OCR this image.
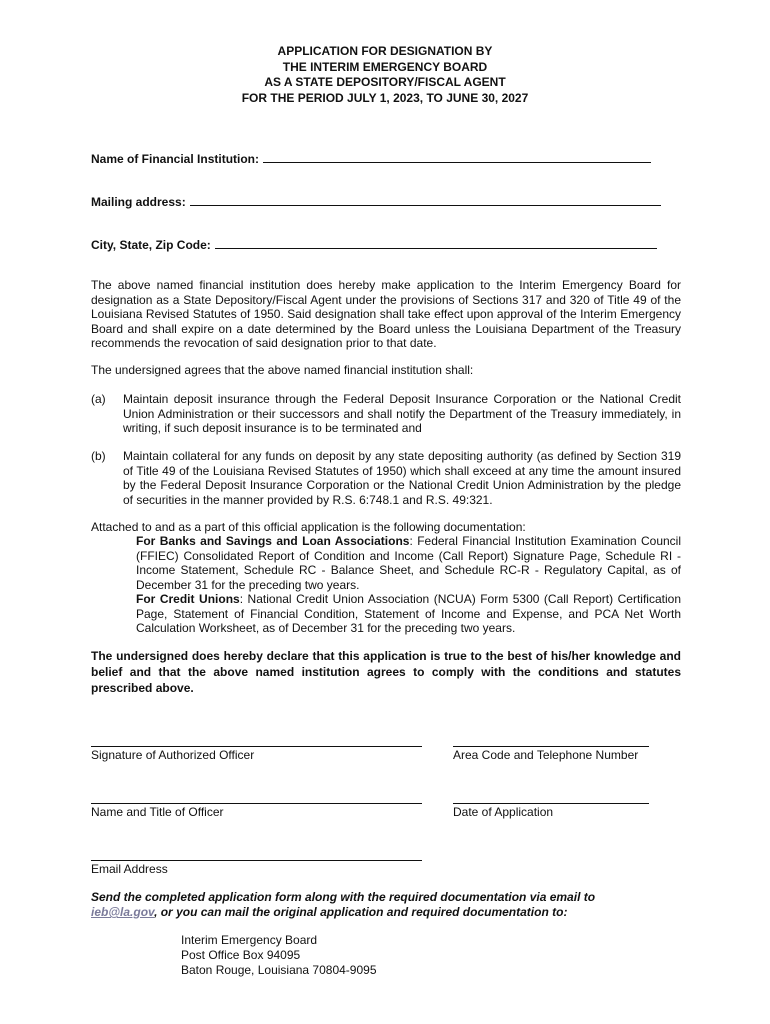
APPLICATION FOR DESIGNATION BY
THE INTERIM EMERGENCY BOARD
AS A STATE DEPOSITORY/FISCAL AGENT
FOR THE PERIOD JULY 1, 2023, TO JUNE 30, 2027
Name of Financial Institution:
Mailing address:
City, State, Zip Code:
The above named financial institution does hereby make application to the Interim Emergency Board for designation as a State Depository/Fiscal Agent under the provisions of Sections 317 and 320 of Title 49 of the Louisiana Revised Statutes of 1950. Said designation shall take effect upon approval of the Interim Emergency Board and shall expire on a date determined by the Board unless the Louisiana Department of the Treasury recommends the revocation of said designation prior to that date.
The undersigned agrees that the above named financial institution shall:
(a) Maintain deposit insurance through the Federal Deposit Insurance Corporation or the National Credit Union Administration or their successors and shall notify the Department of the Treasury immediately, in writing, if such deposit insurance is to be terminated and
(b) Maintain collateral for any funds on deposit by any state depositing authority (as defined by Section 319 of Title 49 of the Louisiana Revised Statutes of 1950) which shall exceed at any time the amount insured by the Federal Deposit Insurance Corporation or the National Credit Union Administration by the pledge of securities in the manner provided by R.S. 6:748.1 and R.S. 49:321.
Attached to and as a part of this official application is the following documentation:
For Banks and Savings and Loan Associations: Federal Financial Institution Examination Council (FFIEC) Consolidated Report of Condition and Income (Call Report) Signature Page, Schedule RI - Income Statement, Schedule RC - Balance Sheet, and Schedule RC-R - Regulatory Capital, as of December 31 for the preceding two years.
For Credit Unions: National Credit Union Association (NCUA) Form 5300 (Call Report) Certification Page, Statement of Financial Condition, Statement of Income and Expense, and PCA Net Worth Calculation Worksheet, as of December 31 for the preceding two years.
The undersigned does hereby declare that this application is true to the best of his/her knowledge and belief and that the above named institution agrees to comply with the conditions and statutes prescribed above.
Signature of Authorized Officer	Area Code and Telephone Number
Name and Title of Officer	Date of Application
Email Address
Send the completed application form along with the required documentation via email to
ieb@la.gov, or you can mail the original application and required documentation to:
Interim Emergency Board
Post Office Box 94095
Baton Rouge, Louisiana 70804-9095
